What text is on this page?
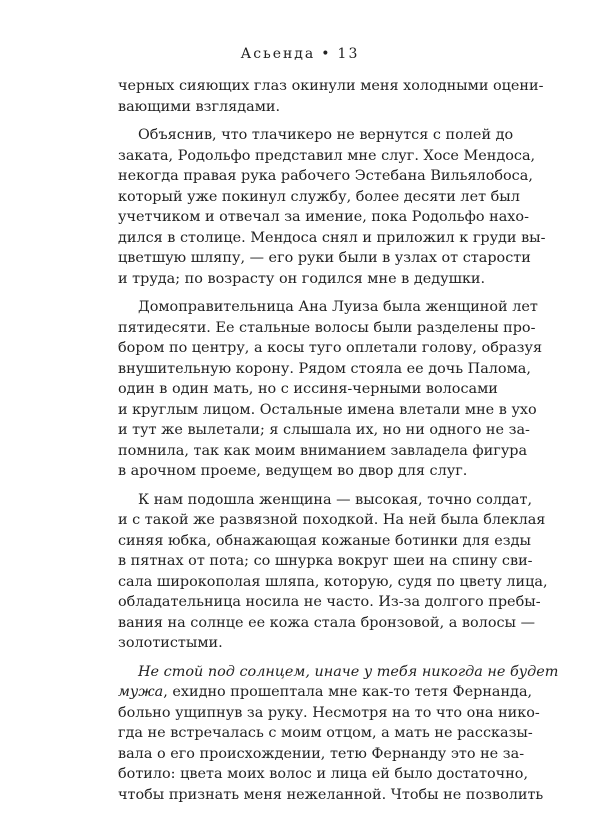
Асьенда • 13

черных сияющих глаз окинули меня холодными оцени-
вающими взглядами.

Объяснив, что тлачикеро не вернутся с полей до
заката, Родольфо представил мне слуг. Хосе Мендоса,
некогда правая рука рабочего Эстебана Вильялобоса,
который уже покинул службу, более десяти лет был
учетчиком и отвечал за имение, пока Родольфо нахо-
дился в столице. Мендоса снял и приложил к груди вы-
цветшую шляпу, — его руки были в узлах от старости
и труда; по возрасту он годился мне в дедушки.

Домоправительница Ана Луиза была женщиной лет
пятидесяти. Ее стальные волосы были разделены про-
бором по центру, а косы туго оплетали голову, образуя
внушительную корону. Рядом стояла ее дочь Палома,
один в один мать, но с иссиня-черными волосами
и круглым лицом. Остальные имена влетали мне в ухо
и тут же вылетали; я слышала их, но ни одного не за-
помнила, так как моим вниманием завладела фигура
в арочном проеме, ведущем во двор для слуг.

К нам подошла женщина — высокая, точно солдат,
и с такой же развязной походкой. На ней была блеклая
синяя юбка, обнажающая кожаные ботинки для езды
в пятнах от пота; со шнурка вокруг шеи на спину сви-
сала широкополая шляпа, которую, судя по цвету лица,
обладательница носила не часто. Из-за долгого пребы-
вания на солнце ее кожа стала бронзовой, а волосы —
золотистыми.

Не стой под солнцем, иначе у тебя никогда не будет
мужа, ехидно прошептала мне как-то тетя Фернанда,
больно ущипнув за руку. Несмотря на то что она нико-
гда не встречалась с моим отцом, а мать не рассказы-
вала о его происхождении, тетю Фернанду это не за-
ботило: цвета моих волос и лица ей было достаточно,
чтобы признать меня нежеланной. Чтобы не позволить
